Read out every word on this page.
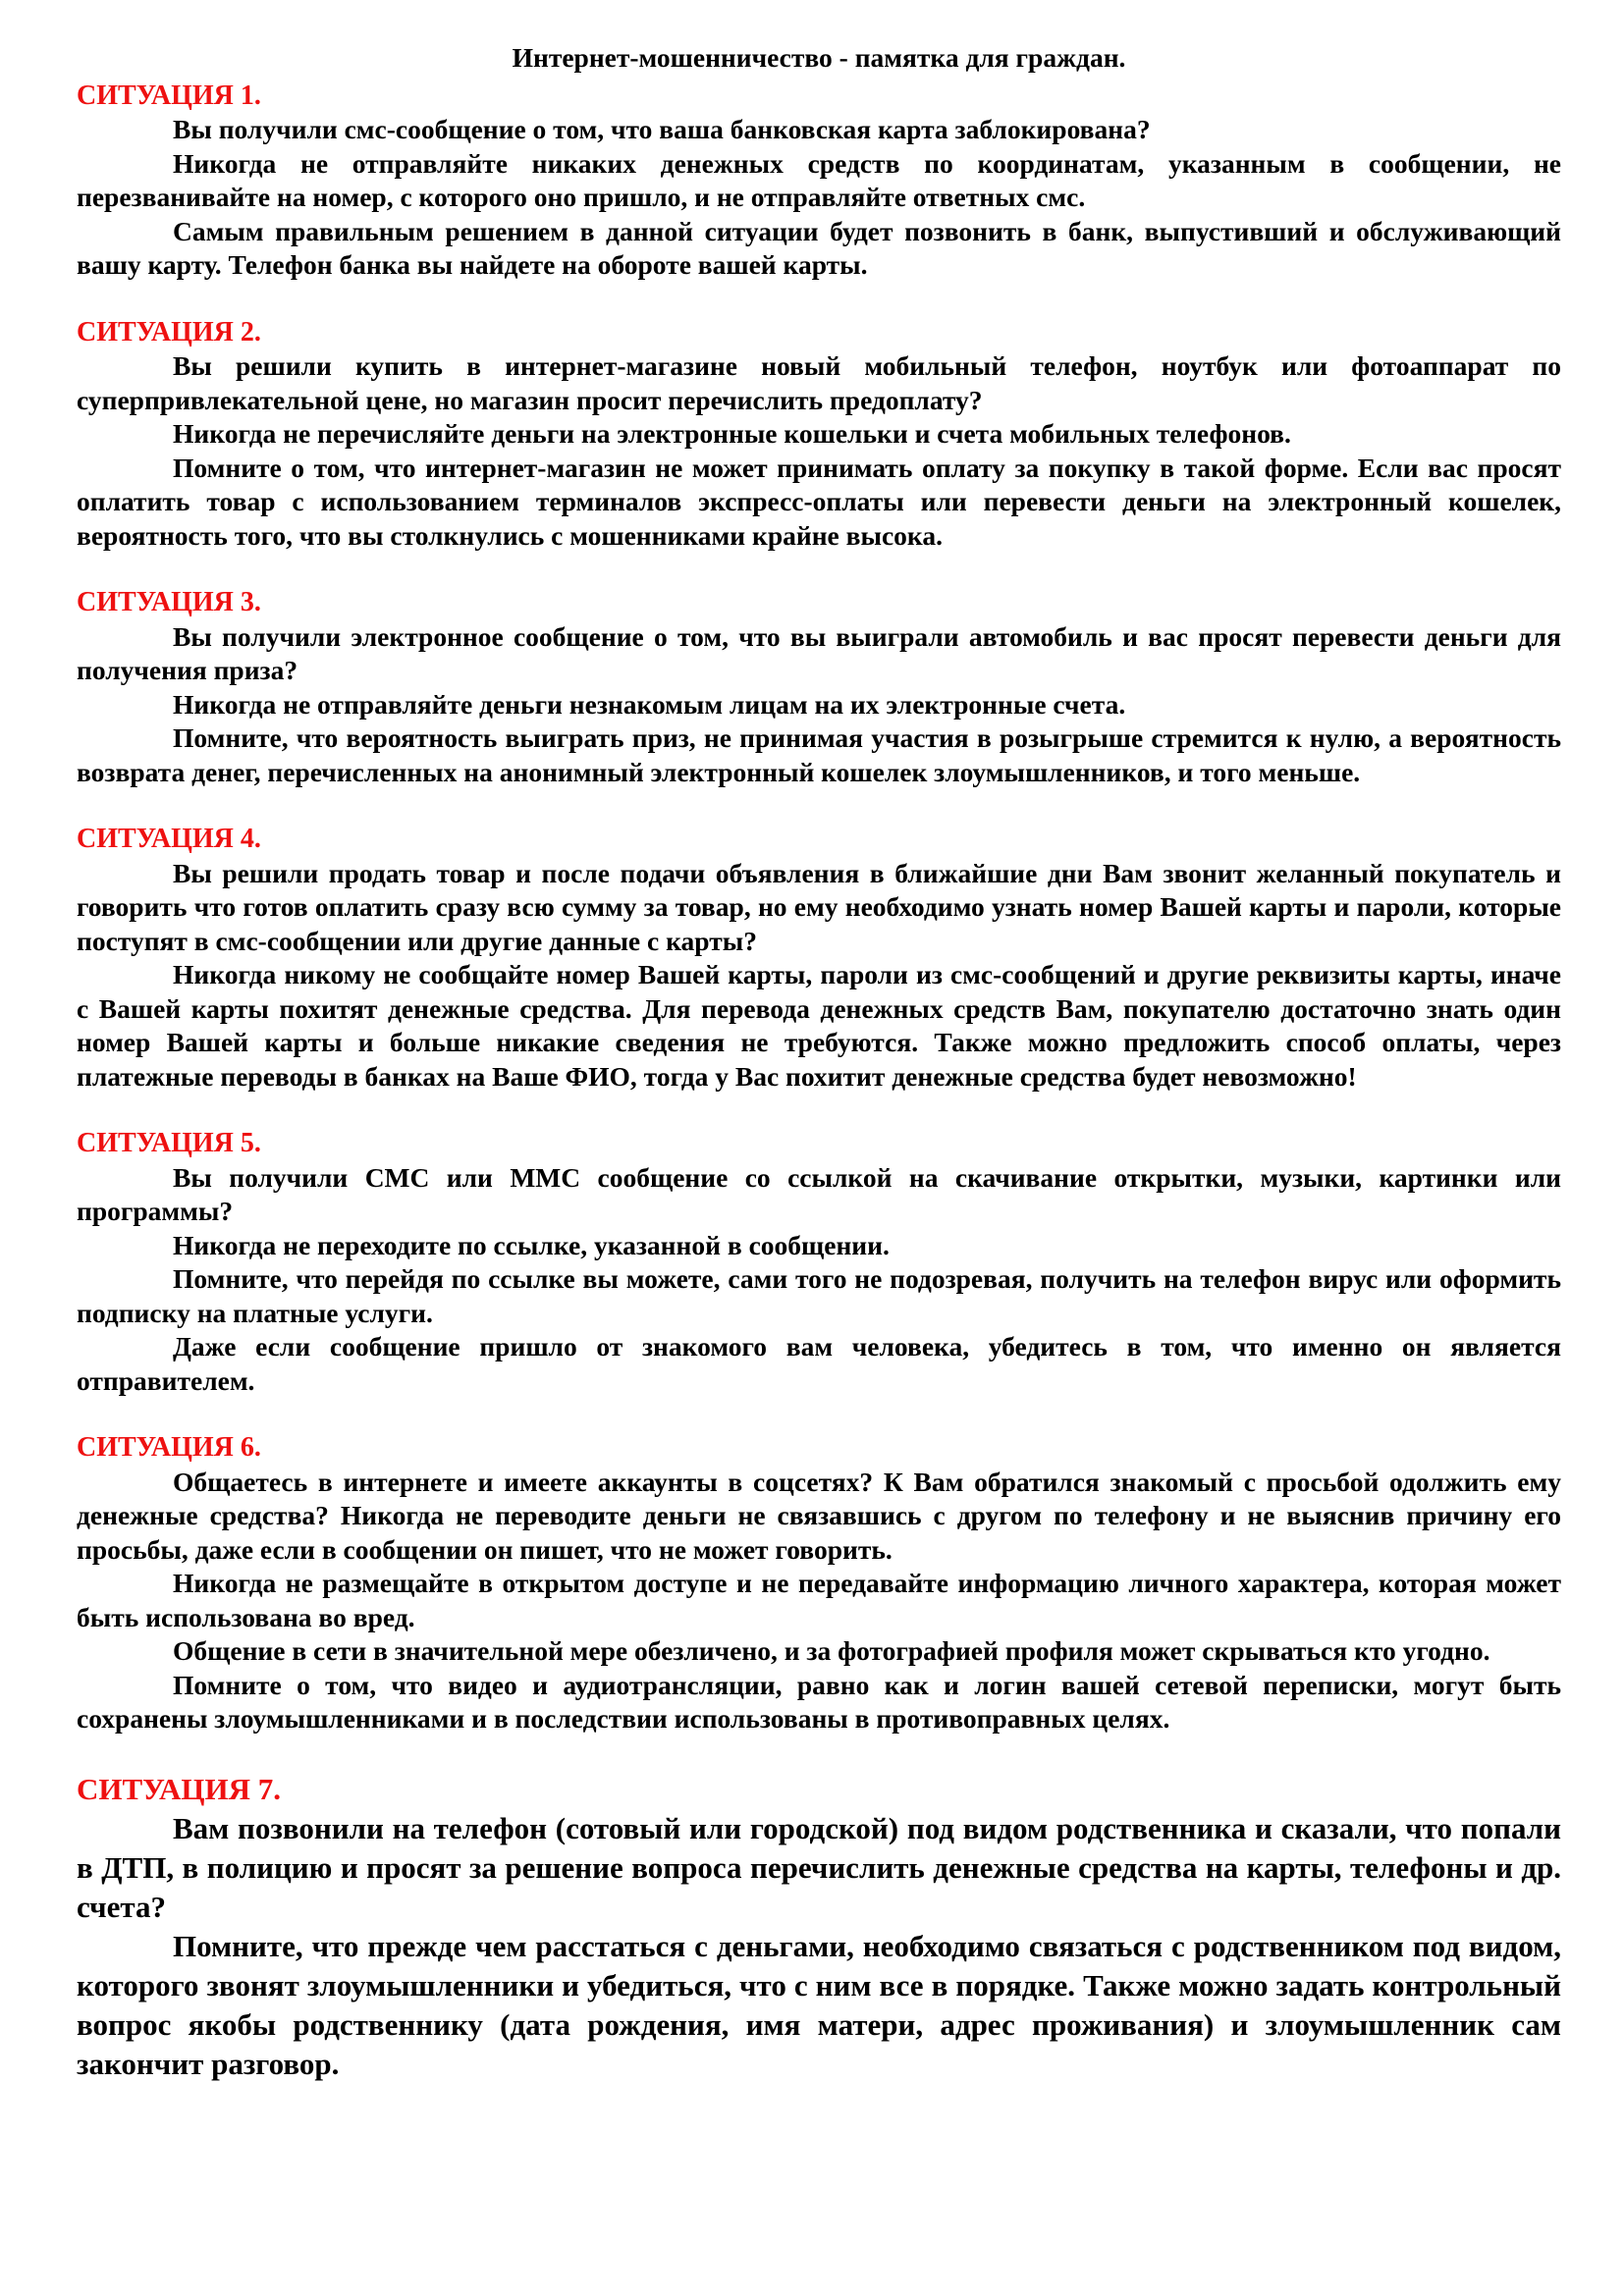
Интернет-мошенничество - памятка для граждан.
СИТУАЦИЯ 1.

Вы получили смс-сообщение о том, что ваша банковская карта заблокирована?

Никогда не отправляйте никаких денежных средств по координатам, указанным в сообщении, не перезванивайте на номер, с которого оно пришло, и не отправляйте ответных смс.

Самым правильным решением в данной ситуации будет позвонить в банк, выпустивший и обслуживающий вашу карту. Телефон банка вы найдете на обороте вашей карты.

СИТУАЦИЯ 2.

Вы решили купить в интернет-магазине новый мобильный телефон, ноутбук или фотоаппарат по суперпривлекательной цене, но магазин просит перечислить предоплату?

Никогда не перечисляйте деньги на электронные кошельки и счета мобильных телефонов.

Помните о том, что интернет-магазин не может принимать оплату за покупку в такой форме. Если вас просят оплатить товар с использованием терминалов экспресс-оплаты или перевести деньги на электронный кошелек, вероятность того, что вы столкнулись с мошенниками крайне высока.

СИТУАЦИЯ 3.

Вы получили электронное сообщение о том, что вы выиграли автомобиль и вас просят перевести деньги для получения приза?

Никогда не отправляйте деньги незнакомым лицам на их электронные счета.

Помните, что вероятность выиграть приз, не принимая участия в розыгрыше стремится к нулю, а вероятность возврата денег, перечисленных на анонимный электронный кошелек злоумышленников, и того меньше.

СИТУАЦИЯ 4.

Вы решили продать товар и после подачи объявления в ближайшие дни Вам звонит желанный покупатель и говорить что готов оплатить сразу всю сумму за товар, но ему необходимо узнать номер Вашей карты и пароли, которые поступят в смс-сообщении или другие данные с карты?

Никогда никому не сообщайте номер Вашей карты, пароли из смс-сообщений и другие реквизиты карты, иначе с Вашей карты похитят денежные средства. Для перевода денежных средств Вам, покупателю достаточно знать один номер Вашей карты и больше никакие сведения не требуются. Также можно предложить способ оплаты, через платежные переводы в банках на Ваше ФИО, тогда у Вас похитит денежные средства будет невозможно!

СИТУАЦИЯ 5.

Вы получили СМС или ММС сообщение со ссылкой на скачивание открытки, музыки, картинки или программы?

Никогда не переходите по ссылке, указанной в сообщении.

Помните, что перейдя по ссылке вы можете, сами того не подозревая, получить на телефон вирус или оформить подписку на платные услуги.

Даже если сообщение пришло от знакомого вам человека, убедитесь в том, что именно он является отправителем.

СИТУАЦИЯ 6.

Общаетесь в интернете и имеете аккаунты в соцсетях? К Вам обратился знакомый с просьбой одолжить ему денежные средства? Никогда не переводите деньги не связавшись с другом по телефону и не выяснив причину его просьбы, даже если в сообщении он пишет, что не может говорить.

Никогда не размещайте в открытом доступе и не передавайте информацию личного характера, которая может быть использована во вред.

Общение в сети в значительной мере обезличено, и за фотографией профиля может скрываться кто угодно.

Помните о том, что видео и аудиотрансляции, равно как и логин вашей сетевой переписки, могут быть сохранены злоумышленниками и в последствии использованы в противоправных целях.

СИТУАЦИЯ 7.

Вам позвонили на телефон (сотовый или городской) под видом родственника и сказали, что попали в ДТП, в полицию и просят за решение вопроса перечислить денежные средства на карты, телефоны и др. счета?

Помните, что прежде чем расстаться с деньгами, необходимо связаться с родственником под видом, которого звонят злоумышленники и убедиться, что с ним все в порядке. Также можно задать контрольный вопрос якобы родственнику (дата рождения, имя матери, адрес проживания) и злоумышленник сам закончит разговор.
